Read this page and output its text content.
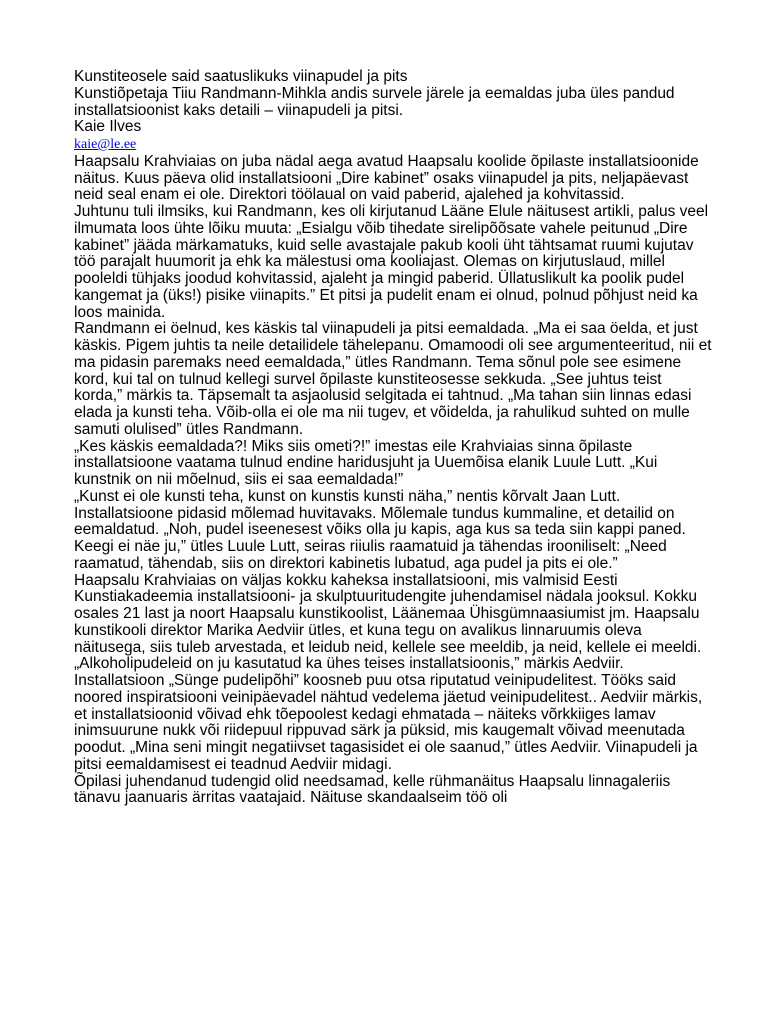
Kunstiteosele said saatuslikuks viinapudel ja pits
Kunstiõpetaja Tiiu Randmann-Mihkla andis survele järele ja eemaldas juba üles pandud installatsioonist kaks detaili – viinapudeli ja pitsi.
Kaie Ilves
kaie@le.ee
Haapsalu Krahviaias on juba nädal aega avatud Haapsalu koolide õpilaste installatsioonide näitus. Kuus päeva olid installatsiooni „Dire kabinet” osaks viinapudel ja pits, neljapäevast neid seal enam ei ole. Direktori töölaual on vaid paberid, ajalehed ja kohvitassid.
Juhtunu tuli ilmsiks, kui Randmann, kes oli kirjutanud Lääne Elule näitusest artikli, palus veel ilmumata loos ühte lõiku muuta: „Esialgu võib tihedate sirelipõõsate vahele peitunud „Dire kabinet” jääda märkamatuks, kuid selle avastajale pakub kooli üht tähtsamat ruumi kujutav töö parajalt huumorit ja ehk ka mälestusi oma kooliajast. Olemas on kirjutuslaud, millel pooleldi tühjaks joodud kohvitassid, ajaleht ja mingid paberid. Üllatuslikult ka poolik pudel kangemat ja (üks!) pisike viinapits.” Et pitsi ja pudelit enam ei olnud, polnud põhjust neid ka loos mainida.
Randmann ei öelnud, kes käskis tal viinapudeli ja pitsi eemaldada. „Ma ei saa öelda, et just käskis. Pigem juhtis ta neile detailidele tähelepanu. Omamoodi oli see argumenteeritud, nii et ma pidasin paremaks need eemaldada,” ütles Randmann. Tema sõnul pole see esimene kord, kui tal on tulnud kellegi survel õpilaste kunstiteosesse sekkuda. „See juhtus teist korda,” märkis ta. Täpsemalt ta asjaolusid selgitada ei tahtnud. „Ma tahan siin linnas edasi elada ja kunsti teha. Võib-olla ei ole ma nii tugev, et võidelda, ja rahulikud suhted on mulle samuti olulised” ütles Randmann.
„Kes käskis eemaldada?! Miks siis ometi?!” imestas eile Krahviaias sinna õpilaste installatsioone vaatama tulnud endine haridusjuht ja Uuemõisa elanik Luule Lutt. „Kui kunstnik on nii mõelnud, siis ei saa eemaldada!”
„Kunst ei ole kunsti teha, kunst on kunstis kunsti näha,” nentis kõrvalt Jaan Lutt. Installatsioone pidasid mõlemad huvitavaks. Mõlemale tundus kummaline, et detailid on eemaldatud. „Noh, pudel iseenesest võiks olla ju kapis, aga kus sa teda siin kappi paned. Keegi ei näe ju,” ütles Luule Lutt, seiras riiulis raamatuid ja tähendas irooniliselt: „Need raamatud, tähendab, siis on direktori kabinetis lubatud, aga pudel ja pits ei ole.”
Haapsalu Krahviaias on väljas kokku kaheksa installatsiooni, mis valmisid Eesti Kunstiakadeemia installatsiooni- ja skulptuuritudengite juhendamisel nädala jooksul. Kokku osales 21 last ja noort Haapsalu kunstikoolist, Läänemaa Ühisgümnaasiumist jm. Haapsalu kunstikooli direktor Marika Aedviir ütles, et kuna tegu on avalikus linnaruumis oleva näitusega, siis tuleb arvestada, et leidub neid, kellele see meeldib, ja neid, kellele ei meeldi. „Alkoholipudeleid on ju kasutatud ka ühes teises installatsioonis,” märkis Aedviir. Installatsioon „Sünge pudelipõhi” koosneb puu otsa riputatud veinipudelitest. Tööks said noored inspiratsiooni veinipäevadel nähtud vedelema jäetud veinipudelitest.. Aedviir märkis, et installatsioonid võivad ehk tõepoolest kedagi ehmatada – näiteks võrkkiiges lamav inimsuurune nukk või riidepuul rippuvad särk ja püksid, mis kaugemalt võivad meenutada poodut. „Mina seni mingit negatiivset tagasisidet ei ole saanud,” ütles Aedviir. Viinapudeli ja pitsi eemaldamisest ei teadnud Aedviir midagi.
Õpilasi juhendanud tudengid olid needsamad, kelle rühmanäitus Haapsalu linnagaleriis tänavu jaanuaris ärritas vaatajaid. Näituse skandaalseim töö oli
